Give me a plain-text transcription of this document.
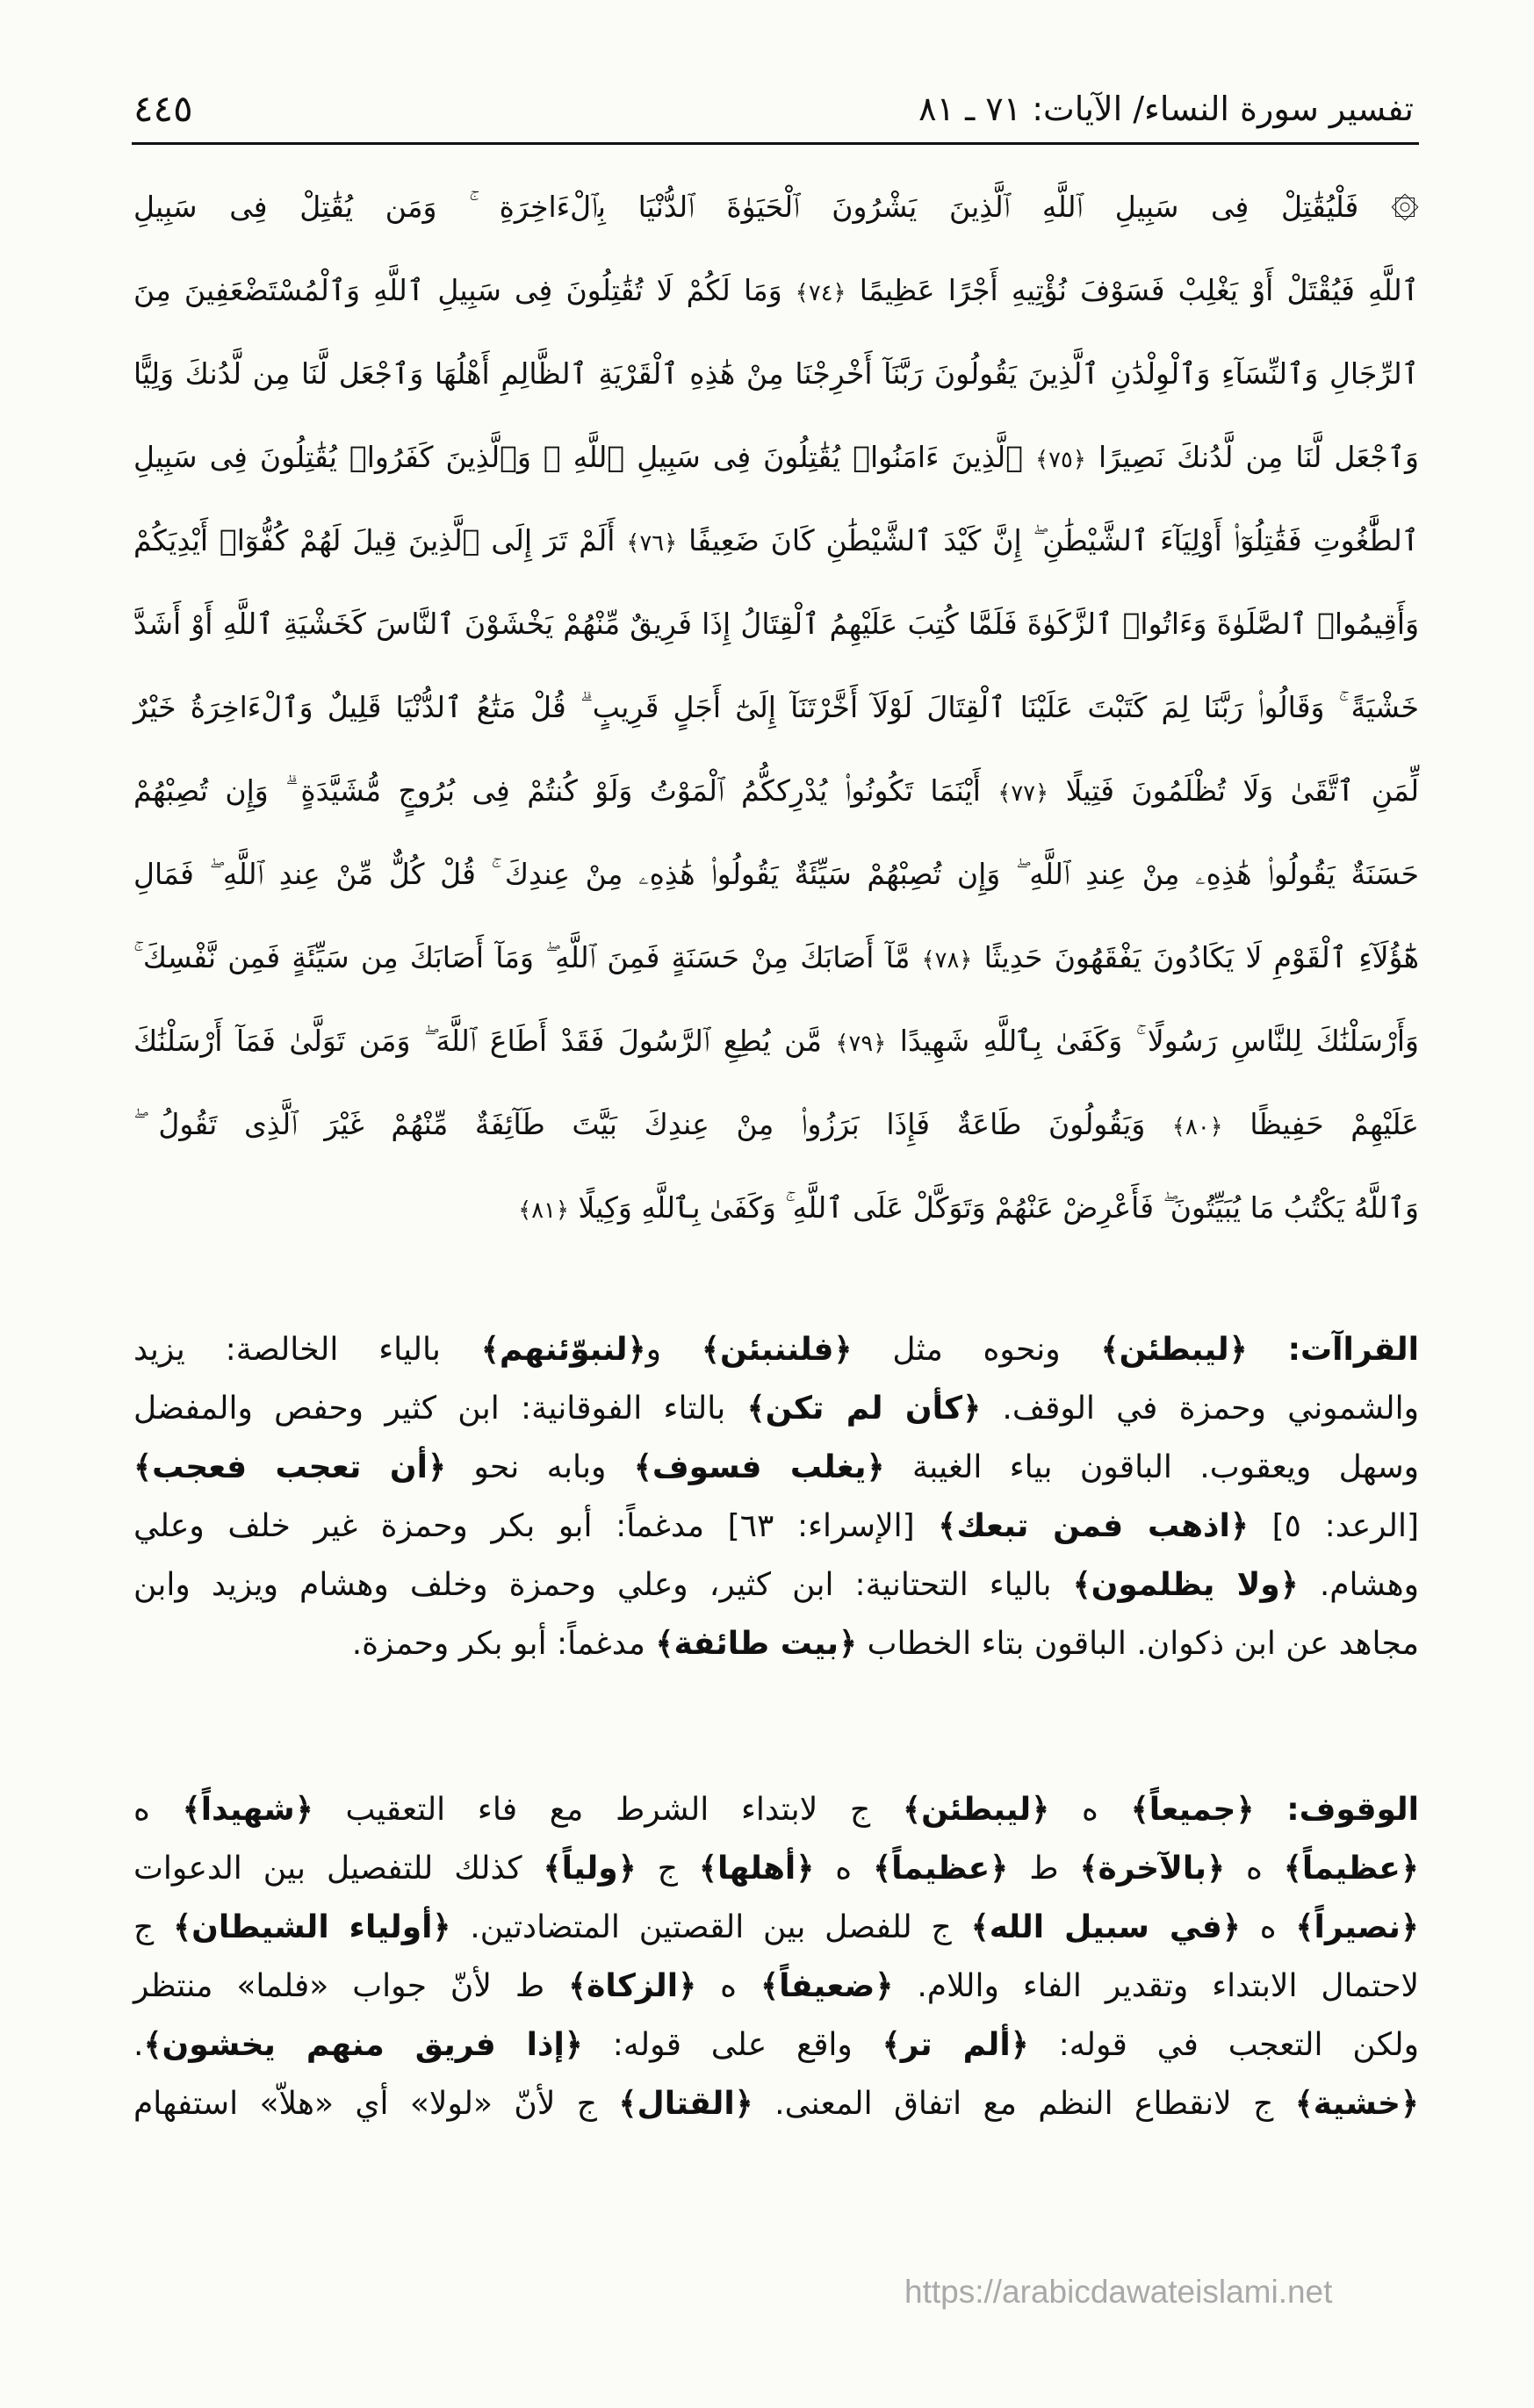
تفسير سورة النساء/ الآيات: ٧١ ـ ٨١
٤٤٥
۞ فَلْيُقَٰتِلْ فِى سَبِيلِ ٱللَّهِ ٱلَّذِينَ يَشْرُونَ ٱلْحَيَوٰةَ ٱلدُّنْيَا بِٱلْءَاخِرَةِ ۚ وَمَن يُقَٰتِلْ فِى سَبِيلِ
ٱللَّهِ فَيُقْتَلْ أَوْ يَغْلِبْ فَسَوْفَ نُؤْتِيهِ أَجْرًا عَظِيمًا ﴿٧٤﴾ وَمَا لَكُمْ لَا تُقَٰتِلُونَ فِى سَبِيلِ ٱللَّهِ وَٱلْمُسْتَضْعَفِينَ مِنَ
ٱلرِّجَالِ وَٱلنِّسَآءِ وَٱلْوِلْدَٰنِ ٱلَّذِينَ يَقُولُونَ رَبَّنَآ أَخْرِجْنَا مِنْ هَٰذِهِ ٱلْقَرْيَةِ ٱلظَّالِمِ أَهْلُهَا وَٱجْعَل لَّنَا مِن لَّدُنكَ وَلِيًّا
وَٱجْعَل لَّنَا مِن لَّدُنكَ نَصِيرًا ﴿٧٥﴾ ٱلَّذِينَ ءَامَنُوا۟ يُقَٰتِلُونَ فِى سَبِيلِ ٱللَّهِ ۖ وَٱلَّذِينَ كَفَرُوا۟ يُقَٰتِلُونَ فِى سَبِيلِ
ٱلطَّٰغُوتِ فَقَٰتِلُوٓا۟ أَوْلِيَآءَ ٱلشَّيْطَٰنِ ۖ إِنَّ كَيْدَ ٱلشَّيْطَٰنِ كَانَ ضَعِيفًا ﴿٧٦﴾ أَلَمْ تَرَ إِلَى ٱلَّذِينَ قِيلَ لَهُمْ كُفُّوٓا۟ أَيْدِيَكُمْ
وَأَقِيمُوا۟ ٱلصَّلَوٰةَ وَءَاتُوا۟ ٱلزَّكَوٰةَ فَلَمَّا كُتِبَ عَلَيْهِمُ ٱلْقِتَالُ إِذَا فَرِيقٌ مِّنْهُمْ يَخْشَوْنَ ٱلنَّاسَ كَخَشْيَةِ ٱللَّهِ أَوْ أَشَدَّ
خَشْيَةً ۚ وَقَالُوا۟ رَبَّنَا لِمَ كَتَبْتَ عَلَيْنَا ٱلْقِتَالَ لَوْلَآ أَخَّرْتَنَآ إِلَىٰٓ أَجَلٍ قَرِيبٍ ۗ قُلْ مَتَٰعُ ٱلدُّنْيَا قَلِيلٌ وَٱلْءَاخِرَةُ خَيْرٌ
لِّمَنِ ٱتَّقَىٰ وَلَا تُظْلَمُونَ فَتِيلًا ﴿٧٧﴾ أَيْنَمَا تَكُونُوا۟ يُدْرِككُّمُ ٱلْمَوْتُ وَلَوْ كُنتُمْ فِى بُرُوجٍ مُّشَيَّدَةٍ ۗ وَإِن تُصِبْهُمْ
حَسَنَةٌ يَقُولُوا۟ هَٰذِهِۦ مِنْ عِندِ ٱللَّهِ ۖ وَإِن تُصِبْهُمْ سَيِّئَةٌ يَقُولُوا۟ هَٰذِهِۦ مِنْ عِندِكَ ۚ قُلْ كُلٌّ مِّنْ عِندِ ٱللَّهِ ۖ فَمَالِ
هَٰٓؤُلَآءِ ٱلْقَوْمِ لَا يَكَادُونَ يَفْقَهُونَ حَدِيثًا ﴿٧٨﴾ مَّآ أَصَابَكَ مِنْ حَسَنَةٍ فَمِنَ ٱللَّهِ ۖ وَمَآ أَصَابَكَ مِن سَيِّئَةٍ فَمِن نَّفْسِكَ ۚ
وَأَرْسَلْنَٰكَ لِلنَّاسِ رَسُولًا ۚ وَكَفَىٰ بِٱللَّهِ شَهِيدًا ﴿٧٩﴾ مَّن يُطِعِ ٱلرَّسُولَ فَقَدْ أَطَاعَ ٱللَّهَ ۖ وَمَن تَوَلَّىٰ فَمَآ أَرْسَلْنَٰكَ
عَلَيْهِمْ حَفِيظًا ﴿٨٠﴾ وَيَقُولُونَ طَاعَةٌ فَإِذَا بَرَزُوا۟ مِنْ عِندِكَ بَيَّتَ طَآئِفَةٌ مِّنْهُمْ غَيْرَ ٱلَّذِى تَقُولُ ۖ
وَٱللَّهُ يَكْتُبُ مَا يُبَيِّتُونَ ۖ فَأَعْرِضْ عَنْهُمْ وَتَوَكَّلْ عَلَى ٱللَّهِ ۚ وَكَفَىٰ بِٱللَّهِ وَكِيلًا ﴿٨١﴾
القراآت: ﴿ليبطئن﴾ ونحوه مثل ﴿فلننبئن﴾ و﴿لنبوّئنهم﴾ بالياء الخالصة: يزيد
والشموني وحمزة في الوقف. ﴿كأن لم تكن﴾ بالتاء الفوقانية: ابن كثير وحفص والمفضل
وسهل ويعقوب. الباقون بياء الغيبة ﴿يغلب فسوف﴾ وبابه نحو ﴿أن تعجب فعجب﴾
[الرعد: ٥] ﴿اذهب فمن تبعك﴾ [الإسراء: ٦٣] مدغماً: أبو بكر وحمزة غير خلف وعلي
وهشام. ﴿ولا يظلمون﴾ بالياء التحتانية: ابن كثير، وعلي وحمزة وخلف وهشام ويزيد وابن
مجاهد عن ابن ذكوان. الباقون بتاء الخطاب ﴿بيت طائفة﴾ مدغماً: أبو بكر وحمزة.
الوقوف: ﴿جميعاً﴾ ه ﴿ليبطئن﴾ ج لابتداء الشرط مع فاء التعقيب ﴿شهيداً﴾ ه
﴿عظيماً﴾ ه ﴿بالآخرة﴾ ط ﴿عظيماً﴾ ه ﴿أهلها﴾ ج ﴿ولياً﴾ كذلك للتفصيل بين الدعوات
﴿نصيراً﴾ ه ﴿في سبيل الله﴾ ج للفصل بين القصتين المتضادتين. ﴿أولياء الشيطان﴾ ج
لاحتمال الابتداء وتقدير الفاء واللام. ﴿ضعيفاً﴾ ه ﴿الزكاة﴾ ط لأنّ جواب «فلما» منتظر
ولكن التعجب في قوله: ﴿ألم تر﴾ واقع على قوله: ﴿إذا فريق منهم يخشون﴾.
﴿خشية﴾ ج لانقطاع النظم مع اتفاق المعنى. ﴿القتال﴾ ج لأنّ «لولا» أي «هلاّ» استفهام
https://arabicdawateislami.net
